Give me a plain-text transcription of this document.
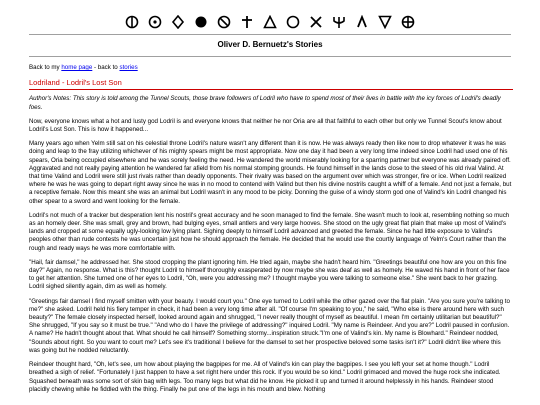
Oliver D. Bernuetz's Stories
Back to my home page - back to stories
Lodriland - Lodril's Lost Son

Author's Notes: This story is told among the Tunnel Scouts, those brave followers of Lodril who have to spend most of their lives in battle with the icy forces of Lodril's deadly foes.

Now, everyone knows what a hot and lusty god Lodril is and everyone knows that neither he nor Oria are all that faithful to each other but only we Tunnel Scout's know about Lodril's Lost Son. This is how it happened...

Many years ago when Yelm still sat on his celestial throne Lodril's nature wasn't any different than it is now. He was always ready then like now to drop whatever it was he was doing and leap to the fray utilizing whichever of his mighty spears might be most appropriate. Now one day it had been a very long time indeed since Lodril had used one of his spears, Oria being occupied elsewhere and he was sorely feeling the need. He wandered the world miserably looking for a sparring partner but everyone was already paired off. Aggravated and not really paying attention he wandered far afield from his normal stomping grounds. He found himself in the lands close to the steed of his old rival Valind. At that time Valind and Lodril were still just rivals rather than deadly opponents. Their rivalry was based on the argument over which was stronger, fire or ice. When Lodril realized where he was he was going to depart right away since he was in no mood to contend with Valind but then his divine nostrils caught a whiff of a female. And not just a female, but a receptive female. Now this meant she was an animal but Lodril wasn't in any mood to be picky. Donning the guise of a windy storm god one of Valind's kin Lodril changed his other spear to a sword and went looking for the female.

Lodril's not much of a tracker but desperation lent his nostril's great accuracy and he soon managed to find the female. She wasn't much to look at, resembling nothing so much as an homely deer. She was small, grey and brown, had bulging eyes, small antlers and very large hooves. She stood on the ugly great flat plain that make up most of Valind's lands and cropped at some equally ugly-looking low lying plant. Sighing deeply to himself Lodril advanced and greeted the female. Since he had little exposure to Valind's peoples other than rude contests he was uncertain just how he should approach the female. He decided that he would use the courtly language of Yelm's Court rather than the rough and ready ways he was more comfortable with.

"Hail, fair damsel," he addressed her. She stood cropping the plant ignoring him. He tried again, maybe she hadn't heard him. "Greetings beautiful one how are you on this fine day?" Again, no response. What is this? thought Lodril to himself thoroughly exasperated by now maybe she was deaf as well as homely. He waved his hand in front of her face to get her attention. She turned one of her eyes to Lodril, "Oh, were you addressing me? I thought maybe you were talking to someone else." She went back to her grazing. Lodril sighed silently again, dim as well as homely.

"Greetings fair damsel I find myself smitten with your beauty. I would court you." One eye turned to Lodril while the other gazed over the flat plain. "Are you sure you're talking to me?" she asked. Lodril held his fiery temper in check, it had been a very long time after all. "Of course I'm speaking to you," he said, "Who else is there around here with such beauty?" The female closely inspected herself, looked around again and shrugged, "I never really thought of myself as beautiful. I mean I'm certainly utilitarian but beautiful?" She shrugged, "If you say so it must be true." "And who do I have the privilege of addressing?" inquired Lodril. "My name is Reindeer. And you are?" Lodril paused in confusion. A name? He hadn't thought about that. What should he call himself? Something stormy...inspiration struck."I'm one of Valind's kin. My name is Blowhard." Reindeer nodded, "Sounds about right. So you want to court me? Let's see it's traditional I believe for the damsel to set her prospective beloved some tasks isn't it?" Lodril didn't like where this was going but he nodded reluctantly.

Reindeer thought hard, "Oh, let's see, um how about playing the bagpipes for me. All of Valind's kin can play the bagpipes. I see you left your set at home though." Lodril breathed a sigh of relief. "Fortunately I just happen to have a set right here under this rock. If you would be so kind." Lodril grimaced and moved the huge rock she indicated. Squashed beneath was some sort of skin bag with legs. Too many legs but what did he know. He picked it up and turned it around helplessly in his hands. Reindeer stood placidly chewing while he fiddled with the thing. Finally he put one of the legs in his mouth and blew. Nothing
